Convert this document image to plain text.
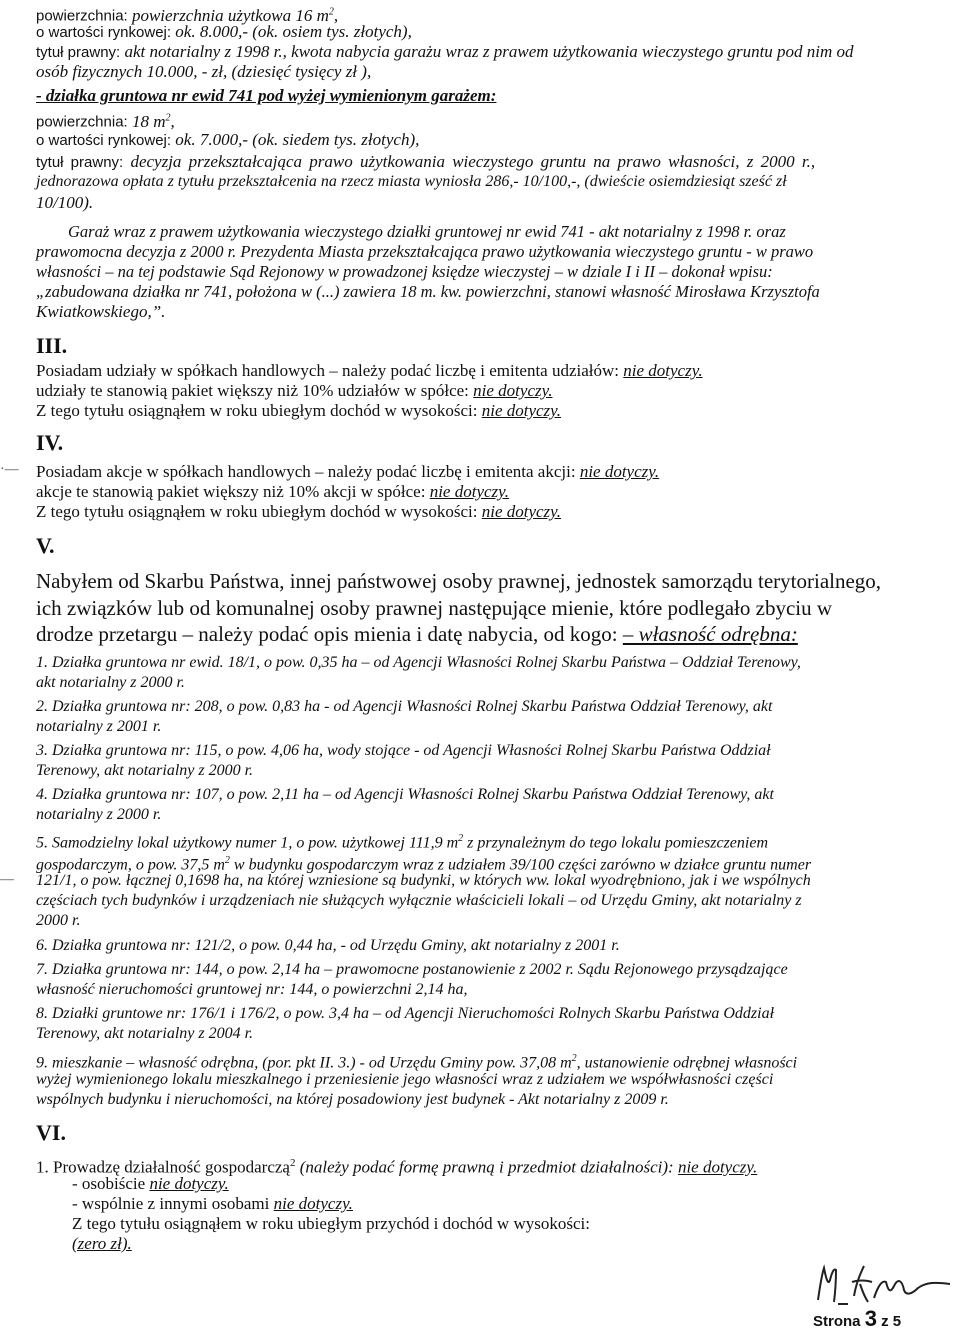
powierzchnia: powierzchnia użytkowa 16 $m^2$,
o wartości rynkowej: ok. 8.000,- (ok. osiem tys. złotych),
tytuł prawny: akt notarialny z 1998 r., kwota nabycia garażu wraz z prawem użytkowania wieczystego gruntu pod nim od
osób fizycznych 10.000, - zł, (dziesięć tysięcy zł ),
- działka gruntowa nr ewid 741 pod wyżej wymienionym garażem:
powierzchnia: 18 $m^2$,
o wartości rynkowej: ok. 7.000,- (ok. siedem tys. złotych),
tytuł prawny: decyzja przekształcająca prawo użytkowania wieczystego gruntu na prawo własności, z 2000 r.,
jednorazowa opłata z tytułu przekształcenia na rzecz miasta wyniosła 286,- 10/100,-, (dwieście osiemdziesiąt sześć zł
10/100).
Garaż wraz z prawem użytkowania wieczystego działki gruntowej nr ewid 741 - akt notarialny z 1998 r. oraz
prawomocna decyzja z 2000 r. Prezydenta Miasta przekształcająca prawo użytkowania wieczystego gruntu - w prawo
własności – na tej podstawie Sąd Rejonowy w prowadzonej księdze wieczystej – w dziale I i II – dokonał wpisu:
„zabudowana działka nr 741, położona w (...) zawiera 18 m. kw. powierzchni, stanowi własność Mirosława Krzysztofa
Kwiatkowskiego,”.
III.
Posiadam udziały w spółkach handlowych – należy podać liczbę i emitenta udziałów: nie dotyczy.
udziały te stanowią pakiet większy niż 10% udziałów w spółce: nie dotyczy.
Z tego tytułu osiągnąłem w roku ubiegłym dochód w wysokości: nie dotyczy.
IV.
·— Posiadam akcje w spółkach handlowych – należy podać liczbę i emitenta akcji: nie dotyczy.
akcje te stanowią pakiet większy niż 10% akcji w spółce: nie dotyczy.
Z tego tytułu osiągnąłem w roku ubiegłym dochód w wysokości: nie dotyczy.
V.
Nabyłem od Skarbu Państwa, innej państwowej osoby prawnej, jednostek samorządu terytorialnego,
ich związków lub od komunalnej osoby prawnej następujące mienie, które podlegało zbyciu w
drodze przetargu – należy podać opis mienia i datę nabycia, od kogo: – własność odrębna:
1. Działka gruntowa nr ewid. 18/1, o pow. 0,35 ha – od Agencji Własności Rolnej Skarbu Państwa – Oddział Terenowy,
akt notarialny z 2000 r.
2. Działka gruntowa nr: 208, o pow. 0,83 ha - od Agencji Własności Rolnej Skarbu Państwa Oddział Terenowy, akt
notarialny z 2001 r.
3. Działka gruntowa nr: 115, o pow. 4,06 ha, wody stojące - od Agencji Własności Rolnej Skarbu Państwa Oddział
Terenowy, akt notarialny z 2000 r.
4. Działka gruntowa nr: 107, o pow. 2,11 ha – od Agencji Własności Rolnej Skarbu Państwa Oddział Terenowy, akt
notarialny z 2000 r.
5. Samodzielny lokal użytkowy numer 1, o pow. użytkowej 111,9 $m^2$ z przynależnym do tego lokalu pomieszczeniem
gospodarczym, o pow. 37,5 $m^2$ w budynku gospodarczym wraz z udziałem 39/100 części zarówno w działce gruntu numer
— 121/1, o pow. łącznej 0,1698 ha, na której wzniesione są budynki, w których ww. lokal wyodrębniono, jak i we wspólnych
częściach tych budynków i urządzeniach nie służących wyłącznie właścicieli lokali – od Urzędu Gminy, akt notarialny z
2000 r.
6. Działka gruntowa nr: 121/2, o pow. 0,44 ha, - od Urzędu Gminy, akt notarialny z 2001 r.
7. Działka gruntowa nr: 144, o pow. 2,14 ha – prawomocne postanowienie z 2002 r. Sądu Rejonowego przysądzające
własność nieruchomości gruntowej nr: 144, o powierzchni 2,14 ha,
8. Działki gruntowe nr: 176/1 i 176/2, o pow. 3,4 ha – od Agencji Nieruchomości Rolnych Skarbu Państwa Oddział
Terenowy, akt notarialny z 2004 r.
9. mieszkanie – własność odrębna, (por. pkt II. 3.) - od Urzędu Gminy pow. 37,08 $m^2$, ustanowienie odrębnej własności
wyżej wymienionego lokalu mieszkalnego i przeniesienie jego własności wraz z udziałem we współwłasności części
wspólnych budynku i nieruchomości, na której posadowiony jest budynek - Akt notarialny z 2009 r.
VI.
1. Prowadzę działalność gospodarczą$^2$ (należy podać formę prawną i przedmiot działalności): nie dotyczy.
- osobiście nie dotyczy.
- wspólnie z innymi osobami nie dotyczy.
Z tego tytułu osiągnąłem w roku ubiegłym przychód i dochód w wysokości:
(zero zł).
Strona 3 z 5
